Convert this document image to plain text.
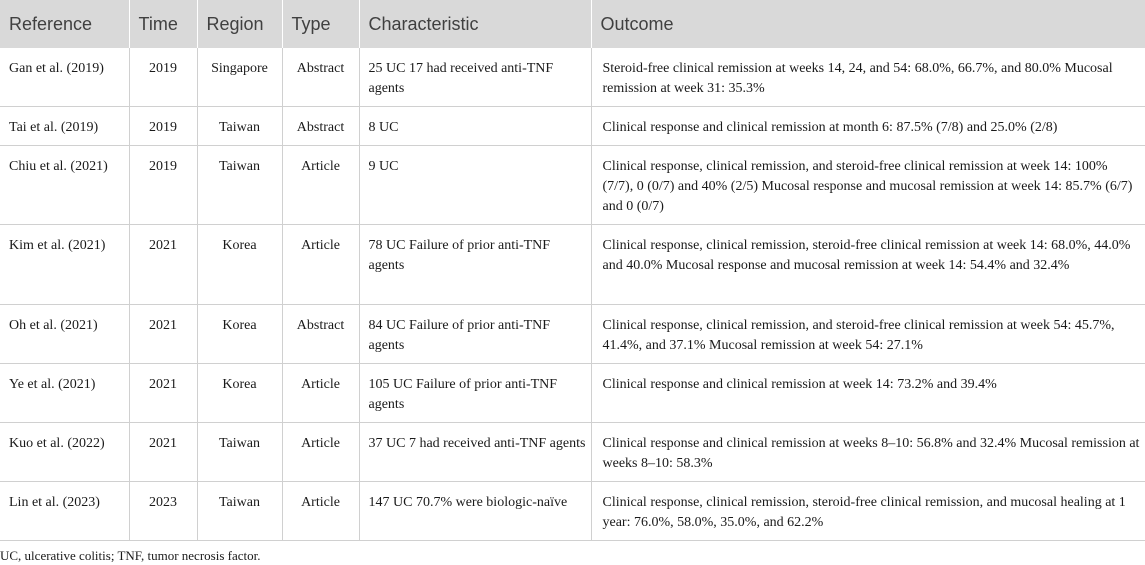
Reference	Time	Region	Type	Characteristic	Outcome
Gan et al. (2019)	2019	Singapore	Abstract	25 UC 17 had received anti-TNF agents	Steroid-free clinical remission at weeks 14, 24, and 54: 68.0%, 66.7%, and 80.0% Mucosal remission at week 31: 35.3%
Tai et al. (2019)	2019	Taiwan	Abstract	8 UC	Clinical response and clinical remission at month 6: 87.5% (7/8) and 25.0% (2/8)
Chiu et al. (2021)	2019	Taiwan	Article	9 UC	Clinical response, clinical remission, and steroid-free clinical remission at week 14: 100% (7/7), 0 (0/7) and 40% (2/5) Mucosal response and mucosal remission at week 14: 85.7% (6/7) and 0 (0/7)
Kim et al. (2021)	2021	Korea	Article	78 UC Failure of prior anti-TNF agents	Clinical response, clinical remission, steroid-free clinical remission at week 14: 68.0%, 44.0% and 40.0% Mucosal response and mucosal remission at week 14: 54.4% and 32.4%
Oh et al. (2021)	2021	Korea	Abstract	84 UC Failure of prior anti-TNF agents	Clinical response, clinical remission, and steroid-free clinical remission at week 54: 45.7%, 41.4%, and 37.1% Mucosal remission at week 54: 27.1%
Ye et al. (2021)	2021	Korea	Article	105 UC Failure of prior anti-TNF agents	Clinical response and clinical remission at week 14: 73.2% and 39.4%
Kuo et al. (2022)	2021	Taiwan	Article	37 UC 7 had received anti-TNF agents	Clinical response and clinical remission at weeks 8–10: 56.8% and 32.4% Mucosal remission at weeks 8–10: 58.3%
Lin et al. (2023)	2023	Taiwan	Article	147 UC 70.7% were biologic-naïve	Clinical response, clinical remission, steroid-free clinical remission, and mucosal healing at 1 year: 76.0%, 58.0%, 35.0%, and 62.2%
UC, ulcerative colitis; TNF, tumor necrosis factor.
